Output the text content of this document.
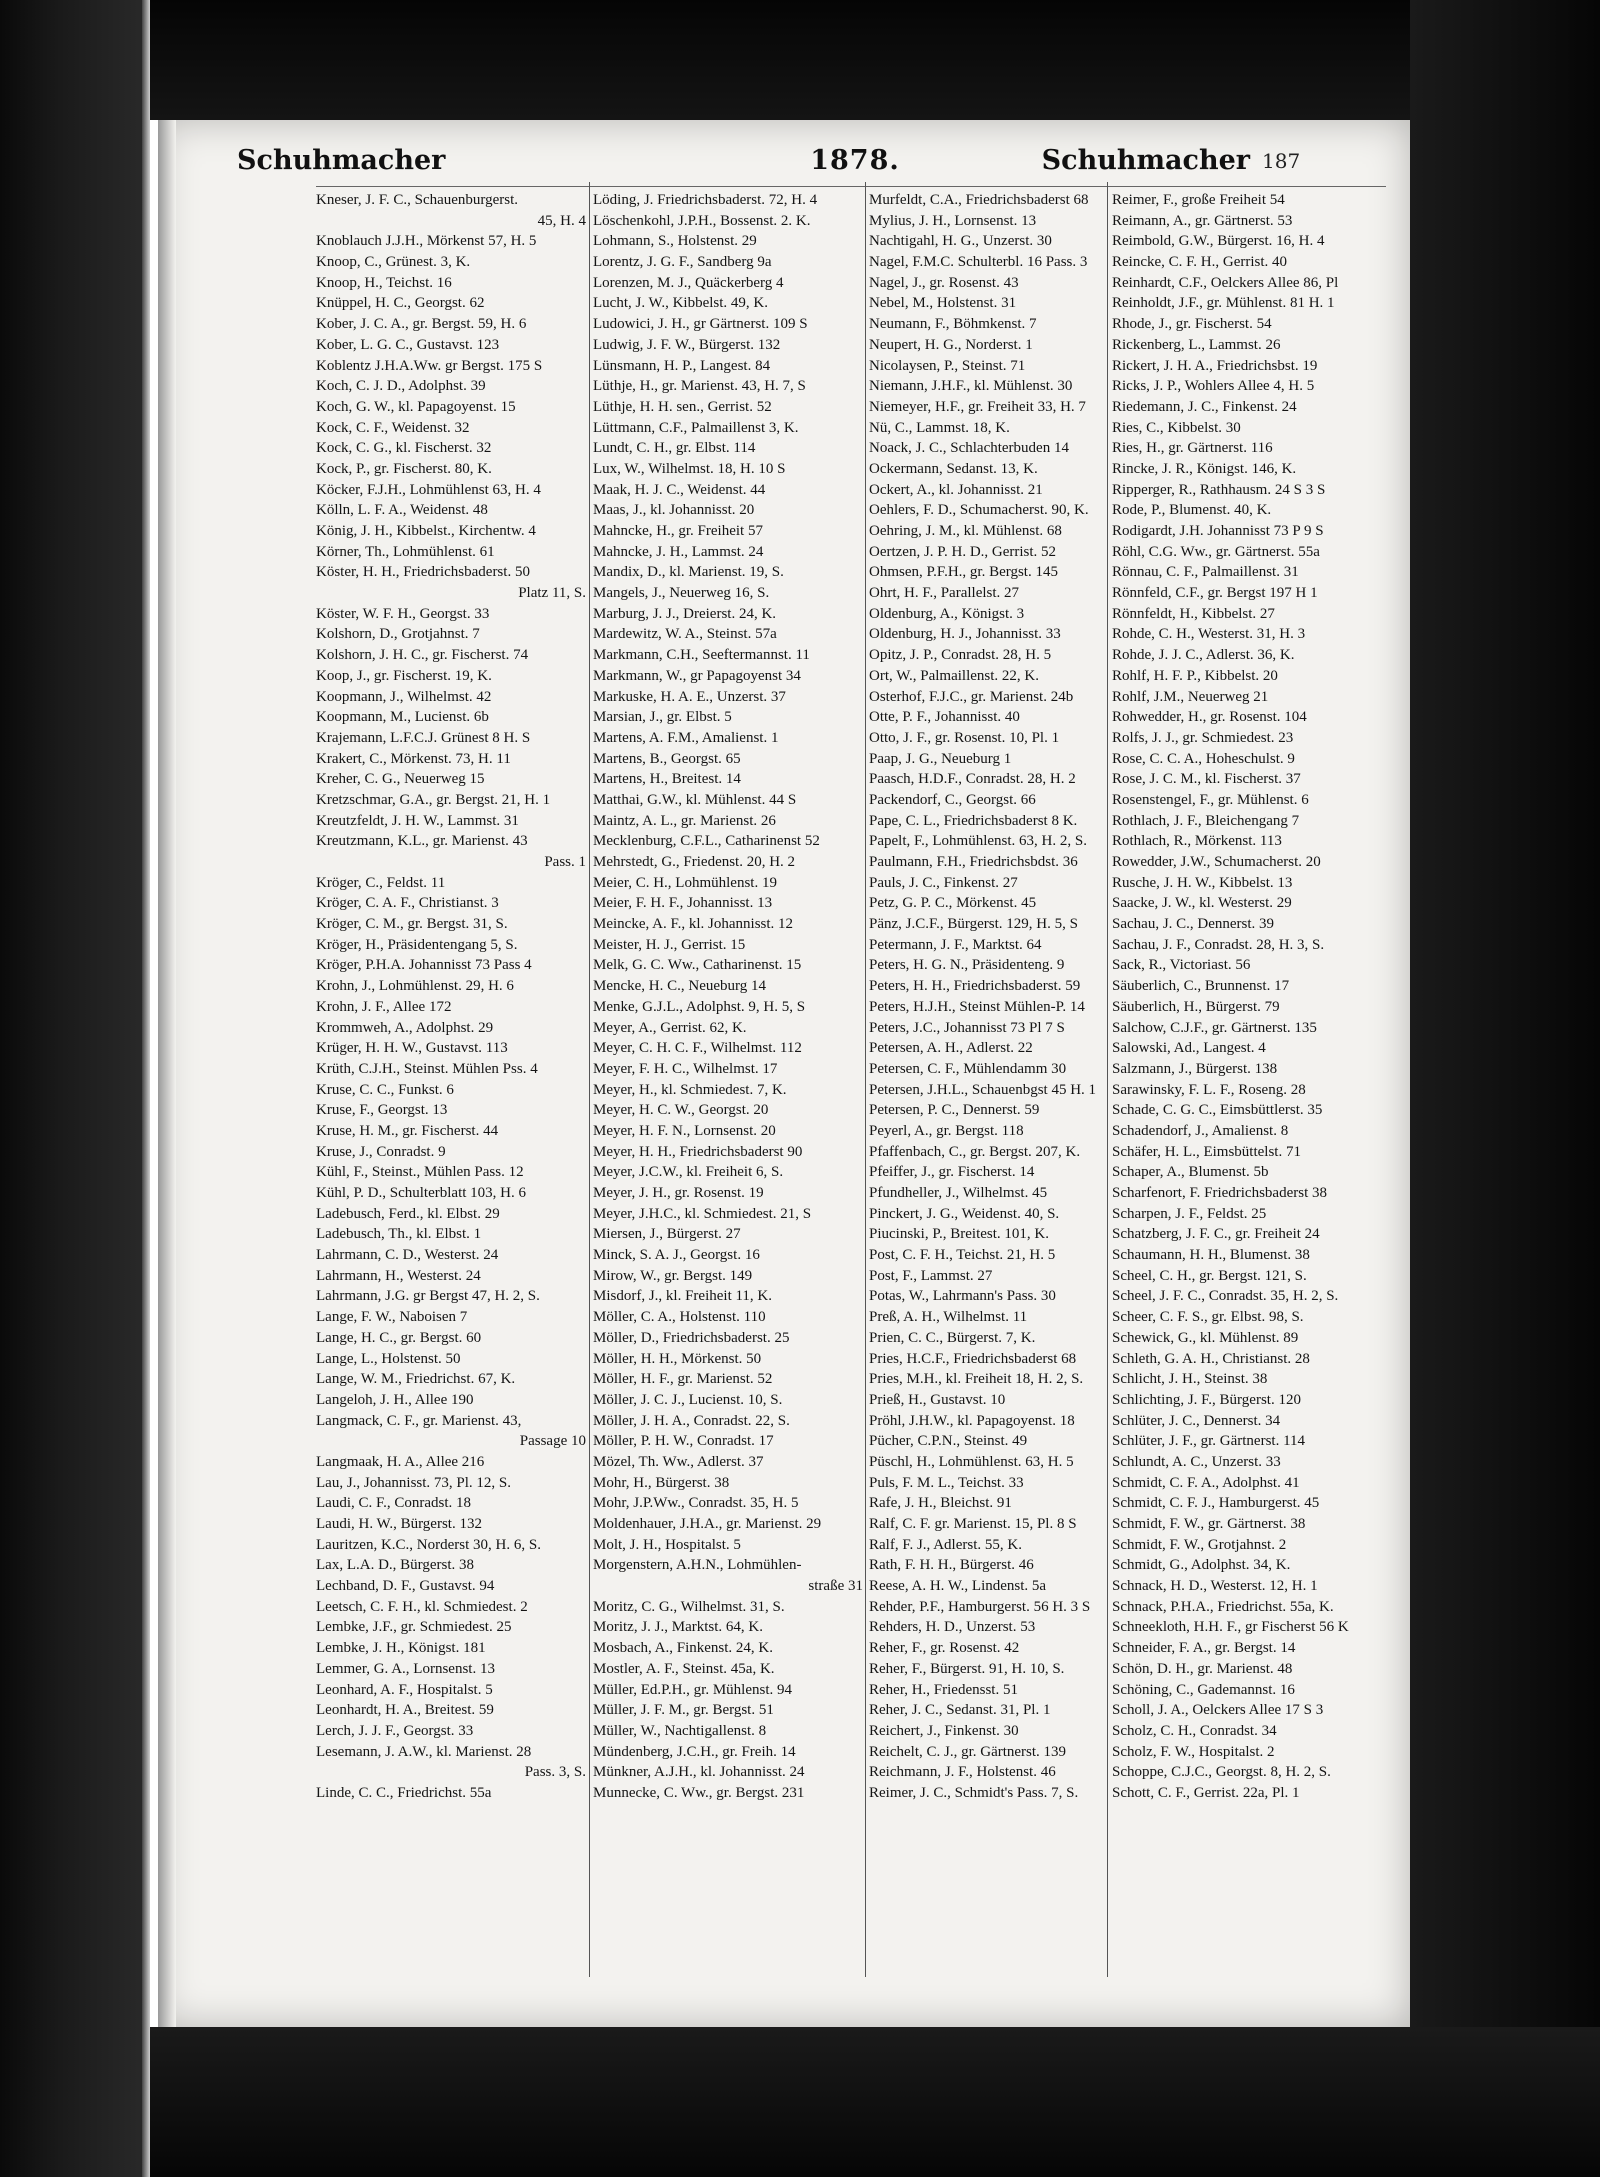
Schuhmacher	1878.	Schuhmacher 187
Kneser, J. F. C., Schauenburgerst.
45, H. 4
Knoblauch J.J.H., Mörkenst 57, H. 5
Knoop, C., Grünest. 3, K.
Knoop, H., Teichst. 16
Knüppel, H. C., Georgst. 62
Kober, J. C. A., gr. Bergst. 59, H. 6
Kober, L. G. C., Gustavst. 123
Koblentz J.H.A.Ww. gr Bergst. 175 S
Koch, C. J. D., Adolphst. 39
Koch, G. W., kl. Papagoyenst. 15
Kock, C. F., Weidenst. 32
Kock, C. G., kl. Fischerst. 32
Kock, P., gr. Fischerst. 80, K.
Köcker, F.J.H., Lohmühlenst 63, H. 4
Kölln, L. F. A., Weidenst. 48
König, J. H., Kibbelst., Kirchentw. 4
Körner, Th., Lohmühlenst. 61
Köster, H. H., Friedrichsbaderst. 50
Platz 11, S.
Köster, W. F. H., Georgst. 33
Kolshorn, D., Grotjahnst. 7
Kolshorn, J. H. C., gr. Fischerst. 74
Koop, J., gr. Fischerst. 19, K.
Koopmann, J., Wilhelmst. 42
Koopmann, M., Lucienst. 6b
Krajemann, L.F.C.J. Grünest 8 H. S
Krakert, C., Mörkenst. 73, H. 11
Kreher, C. G., Neuerweg 15
Kretzschmar, G.A., gr. Bergst. 21, H. 1
Kreutzfeldt, J. H. W., Lammst. 31
Kreutzmann, K.L., gr. Marienst. 43
Pass. 1
Kröger, C., Feldst. 11
Kröger, C. A. F., Christianst. 3
Kröger, C. M., gr. Bergst. 31, S.
Kröger, H., Präsidentengang 5, S.
Kröger, P.H.A. Johannisst 73 Pass 4
Krohn, J., Lohmühlenst. 29, H. 6
Krohn, J. F., Allee 172
Krommweh, A., Adolphst. 29
Krüger, H. H. W., Gustavst. 113
Krüth, C.J.H., Steinst. Mühlen Pss. 4
Kruse, C. C., Funkst. 6
Kruse, F., Georgst. 13
Kruse, H. M., gr. Fischerst. 44
Kruse, J., Conradst. 9
Kühl, F., Steinst., Mühlen Pass. 12
Kühl, P. D., Schulterblatt 103, H. 6
Ladebusch, Ferd., kl. Elbst. 29
Ladebusch, Th., kl. Elbst. 1
Lahrmann, C. D., Westerst. 24
Lahrmann, H., Westerst. 24
Lahrmann, J.G. gr Bergst 47, H. 2, S.
Lange, F. W., Naboisen 7
Lange, H. C., gr. Bergst. 60
Lange, L., Holstenst. 50
Lange, W. M., Friedrichst. 67, K.
Langeloh, J. H., Allee 190
Langmack, C. F., gr. Marienst. 43,
Passage 10
Langmaak, H. A., Allee 216
Lau, J., Johannisst. 73, Pl. 12, S.
Laudi, C. F., Conradst. 18
Laudi, H. W., Bürgerst. 132
Lauritzen, K.C., Norderst 30, H. 6, S.
Lax, L.A. D., Bürgerst. 38
Lechband, D. F., Gustavst. 94
Leetsch, C. F. H., kl. Schmiedest. 2
Lembke, J.F., gr. Schmiedest. 25
Lembke, J. H., Königst. 181
Lemmer, G. A., Lornsenst. 13
Leonhard, A. F., Hospitalst. 5
Leonhardt, H. A., Breitest. 59
Lerch, J. J. F., Georgst. 33
Lesemann, J. A.W., kl. Marienst. 28
Pass. 3, S.
Linde, C. C., Friedrichst. 55a
Löding, J. Friedrichsbaderst. 72, H. 4
Löschenkohl, J.P.H., Bossenst. 2. K.
Lohmann, S., Holstenst. 29
Lorentz, J. G. F., Sandberg 9a
Lorenzen, M. J., Quäckerberg 4
Lucht, J. W., Kibbelst. 49, K.
Ludowici, J. H., gr Gärtnerst. 109 S
Ludwig, J. F. W., Bürgerst. 132
Lünsmann, H. P., Langest. 84
Lüthje, H., gr. Marienst. 43, H. 7, S
Lüthje, H. H. sen., Gerrist. 52
Lüttmann, C.F., Palmaillenst 3, K.
Lundt, C. H., gr. Elbst. 114
Lux, W., Wilhelmst. 18, H. 10 S
Maak, H. J. C., Weidenst. 44
Maas, J., kl. Johannisst. 20
Mahncke, H., gr. Freiheit 57
Mahncke, J. H., Lammst. 24
Mandix, D., kl. Marienst. 19, S.
Mangels, J., Neuerweg 16, S.
Marburg, J. J., Dreierst. 24, K.
Mardewitz, W. A., Steinst. 57a
Markmann, C.H., Seeftermannst. 11
Markmann, W., gr Papagoyenst 34
Markuske, H. A. E., Unzerst. 37
Marsian, J., gr. Elbst. 5
Martens, A. F.M., Amalienst. 1
Martens, B., Georgst. 65
Martens, H., Breitest. 14
Matthai, G.W., kl. Mühlenst. 44 S
Maintz, A. L., gr. Marienst. 26
Mecklenburg, C.F.L., Catharinenst 52
Mehrstedt, G., Friedenst. 20, H. 2
Meier, C. H., Lohmühlenst. 19
Meier, F. H. F., Johannisst. 13
Meincke, A. F., kl. Johannisst. 12
Meister, H. J., Gerrist. 15
Melk, G. C. Ww., Catharinenst. 15
Mencke, H. C., Neueburg 14
Menke, G.J.L., Adolphst. 9, H. 5, S
Meyer, A., Gerrist. 62, K.
Meyer, C. H. C. F., Wilhelmst. 112
Meyer, F. H. C., Wilhelmst. 17
Meyer, H., kl. Schmiedest. 7, K.
Meyer, H. C. W., Georgst. 20
Meyer, H. F. N., Lornsenst. 20
Meyer, H. H., Friedrichsbaderst 90
Meyer, J.C.W., kl. Freiheit 6, S.
Meyer, J. H., gr. Rosenst. 19
Meyer, J.H.C., kl. Schmiedest. 21, S
Miersen, J., Bürgerst. 27
Minck, S. A. J., Georgst. 16
Mirow, W., gr. Bergst. 149
Misdorf, J., kl. Freiheit 11, K.
Möller, C. A., Holstenst. 110
Möller, D., Friedrichsbaderst. 25
Möller, H. H., Mörkenst. 50
Möller, H. F., gr. Marienst. 52
Möller, J. C. J., Lucienst. 10, S.
Möller, J. H. A., Conradst. 22, S.
Möller, P. H. W., Conradst. 17
Mözel, Th. Ww., Adlerst. 37
Mohr, H., Bürgerst. 38
Mohr, J.P.Ww., Conradst. 35, H. 5
Moldenhauer, J.H.A., gr. Marienst. 29
Molt, J. H., Hospitalst. 5
Morgenstern, A.H.N., Lohmühlen-
straße 31
Moritz, C. G., Wilhelmst. 31, S.
Moritz, J. J., Marktst. 64, K.
Mosbach, A., Finkenst. 24, K.
Mostler, A. F., Steinst. 45a, K.
Müller, Ed.P.H., gr. Mühlenst. 94
Müller, J. F. M., gr. Bergst. 51
Müller, W., Nachtigallenst. 8
Mündenberg, J.C.H., gr. Freih. 14
Münkner, A.J.H., kl. Johannisst. 24
Munnecke, C. Ww., gr. Bergst. 231
Murfeldt, C.A., Friedrichsbaderst 68
Mylius, J. H., Lornsenst. 13
Nachtigahl, H. G., Unzerst. 30
Nagel, F.M.C. Schulterbl. 16 Pass. 3
Nagel, J., gr. Rosenst. 43
Nebel, M., Holstenst. 31
Neumann, F., Böhmkenst. 7
Neupert, H. G., Norderst. 1
Nicolaysen, P., Steinst. 71
Niemann, J.H.F., kl. Mühlenst. 30
Niemeyer, H.F., gr. Freiheit 33, H. 7
Nü, C., Lammst. 18, K.
Noack, J. C., Schlachterbuden 14
Ockermann, Sedanst. 13, K.
Ockert, A., kl. Johannisst. 21
Oehlers, F. D., Schumacherst. 90, K.
Oehring, J. M., kl. Mühlenst. 68
Oertzen, J. P. H. D., Gerrist. 52
Ohmsen, P.F.H., gr. Bergst. 145
Ohrt, H. F., Parallelst. 27
Oldenburg, A., Königst. 3
Oldenburg, H. J., Johannisst. 33
Opitz, J. P., Conradst. 28, H. 5
Ort, W., Palmaillenst. 22, K.
Osterhof, F.J.C., gr. Marienst. 24b
Otte, P. F., Johannisst. 40
Otto, J. F., gr. Rosenst. 10, Pl. 1
Paap, J. G., Neueburg 1
Paasch, H.D.F., Conradst. 28, H. 2
Packendorf, C., Georgst. 66
Pape, C. L., Friedrichsbaderst 8 K.
Papelt, F., Lohmühlenst. 63, H. 2, S.
Paulmann, F.H., Friedrichsbdst. 36
Pauls, J. C., Finkenst. 27
Petz, G. P. C., Mörkenst. 45
Pänz, J.C.F., Bürgerst. 129, H. 5, S
Petermann, J. F., Marktst. 64
Peters, H. G. N., Präsidenteng. 9
Peters, H. H., Friedrichsbaderst. 59
Peters, H.J.H., Steinst Mühlen-P. 14
Peters, J.C., Johannisst 73 Pl 7 S
Petersen, A. H., Adlerst. 22
Petersen, C. F., Mühlendamm 30
Petersen, J.H.L., Schauenbgst 45 H. 1
Petersen, P. C., Dennerst. 59
Peyerl, A., gr. Bergst. 118
Pfaffenbach, C., gr. Bergst. 207, K.
Pfeiffer, J., gr. Fischerst. 14
Pfundheller, J., Wilhelmst. 45
Pinckert, J. G., Weidenst. 40, S.
Piucinski, P., Breitest. 101, K.
Post, C. F. H., Teichst. 21, H. 5
Post, F., Lammst. 27
Potas, W., Lahrmann's Pass. 30
Preß, A. H., Wilhelmst. 11
Prien, C. C., Bürgerst. 7, K.
Pries, H.C.F., Friedrichsbaderst 68
Pries, M.H., kl. Freiheit 18, H. 2, S.
Prieß, H., Gustavst. 10
Pröhl, J.H.W., kl. Papagoyenst. 18
Pücher, C.P.N., Steinst. 49
Püschl, H., Lohmühlenst. 63, H. 5
Puls, F. M. L., Teichst. 33
Rafe, J. H., Bleichst. 91
Ralf, C. F. gr. Marienst. 15, Pl. 8 S
Ralf, F. J., Adlerst. 55, K.
Rath, F. H. H., Bürgerst. 46
Reese, A. H. W., Lindenst. 5a
Rehder, P.F., Hamburgerst. 56 H. 3 S
Rehders, H. D., Unzerst. 53
Reher, F., gr. Rosenst. 42
Reher, F., Bürgerst. 91, H. 10, S.
Reher, H., Friedensst. 51
Reher, J. C., Sedanst. 31, Pl. 1
Reichert, J., Finkenst. 30
Reichelt, C. J., gr. Gärtnerst. 139
Reichmann, J. F., Holstenst. 46
Reimer, J. C., Schmidt's Pass. 7, S.
Reimer, F., große Freiheit 54
Reimann, A., gr. Gärtnerst. 53
Reimbold, G.W., Bürgerst. 16, H. 4
Reincke, C. F. H., Gerrist. 40
Reinhardt, C.F., Oelckers Allee 86, Pl
Reinholdt, J.F., gr. Mühlenst. 81 H. 1
Rhode, J., gr. Fischerst. 54
Rickenberg, L., Lammst. 26
Rickert, J. H. A., Friedrichsbst. 19
Ricks, J. P., Wohlers Allee 4, H. 5
Riedemann, J. C., Finkenst. 24
Ries, C., Kibbelst. 30
Ries, H., gr. Gärtnerst. 116
Rincke, J. R., Königst. 146, K.
Ripperger, R., Rathhausm. 24 S 3 S
Rode, P., Blumenst. 40, K.
Rodigardt, J.H. Johannisst 73 P 9 S
Röhl, C.G. Ww., gr. Gärtnerst. 55a
Rönnau, C. F., Palmaillenst. 31
Rönnfeld, C.F., gr. Bergst 197 H 1
Rönnfeldt, H., Kibbelst. 27
Rohde, C. H., Westerst. 31, H. 3
Rohde, J. J. C., Adlerst. 36, K.
Rohlf, H. F. P., Kibbelst. 20
Rohlf, J.M., Neuerweg 21
Rohwedder, H., gr. Rosenst. 104
Rolfs, J. J., gr. Schmiedest. 23
Rose, C. C. A., Hoheschulst. 9
Rose, J. C. M., kl. Fischerst. 37
Rosenstengel, F., gr. Mühlenst. 6
Rothlach, J. F., Bleichengang 7
Rothlach, R., Mörkenst. 113
Rowedder, J.W., Schumacherst. 20
Rusche, J. H. W., Kibbelst. 13
Saacke, J. W., kl. Westerst. 29
Sachau, J. C., Dennerst. 39
Sachau, J. F., Conradst. 28, H. 3, S.
Sack, R., Victoriast. 56
Säuberlich, C., Brunnenst. 17
Säuberlich, H., Bürgerst. 79
Salchow, C.J.F., gr. Gärtnerst. 135
Salowski, Ad., Langest. 4
Salzmann, J., Bürgerst. 138
Sarawinsky, F. L. F., Roseng. 28
Schade, C. G. C., Eimsbüttlerst. 35
Schadendorf, J., Amalienst. 8
Schäfer, H. L., Eimsbüttelst. 71
Schaper, A., Blumenst. 5b
Scharfenort, F. Friedrichsbaderst 38
Scharpen, J. F., Feldst. 25
Schatzberg, J. F. C., gr. Freiheit 24
Schaumann, H. H., Blumenst. 38
Scheel, C. H., gr. Bergst. 121, S.
Scheel, J. F. C., Conradst. 35, H. 2, S.
Scheer, C. F. S., gr. Elbst. 98, S.
Schewick, G., kl. Mühlenst. 89
Schleth, G. A. H., Christianst. 28
Schlicht, J. H., Steinst. 38
Schlichting, J. F., Bürgerst. 120
Schlüter, J. C., Dennerst. 34
Schlüter, J. F., gr. Gärtnerst. 114
Schlundt, A. C., Unzerst. 33
Schmidt, C. F. A., Adolphst. 41
Schmidt, C. F. J., Hamburgerst. 45
Schmidt, F. W., gr. Gärtnerst. 38
Schmidt, F. W., Grotjahnst. 2
Schmidt, G., Adolphst. 34, K.
Schnack, H. D., Westerst. 12, H. 1
Schnack, P.H.A., Friedrichst. 55a, K.
Schneekloth, H.H. F., gr Fischerst 56 K
Schneider, F. A., gr. Bergst. 14
Schön, D. H., gr. Marienst. 48
Schöning, C., Gademannst. 16
Scholl, J. A., Oelckers Allee 17 S 3
Scholz, C. H., Conradst. 34
Scholz, F. W., Hospitalst. 2
Schoppe, C.J.C., Georgst. 8, H. 2, S.
Schott, C. F., Gerrist. 22a, Pl. 1
